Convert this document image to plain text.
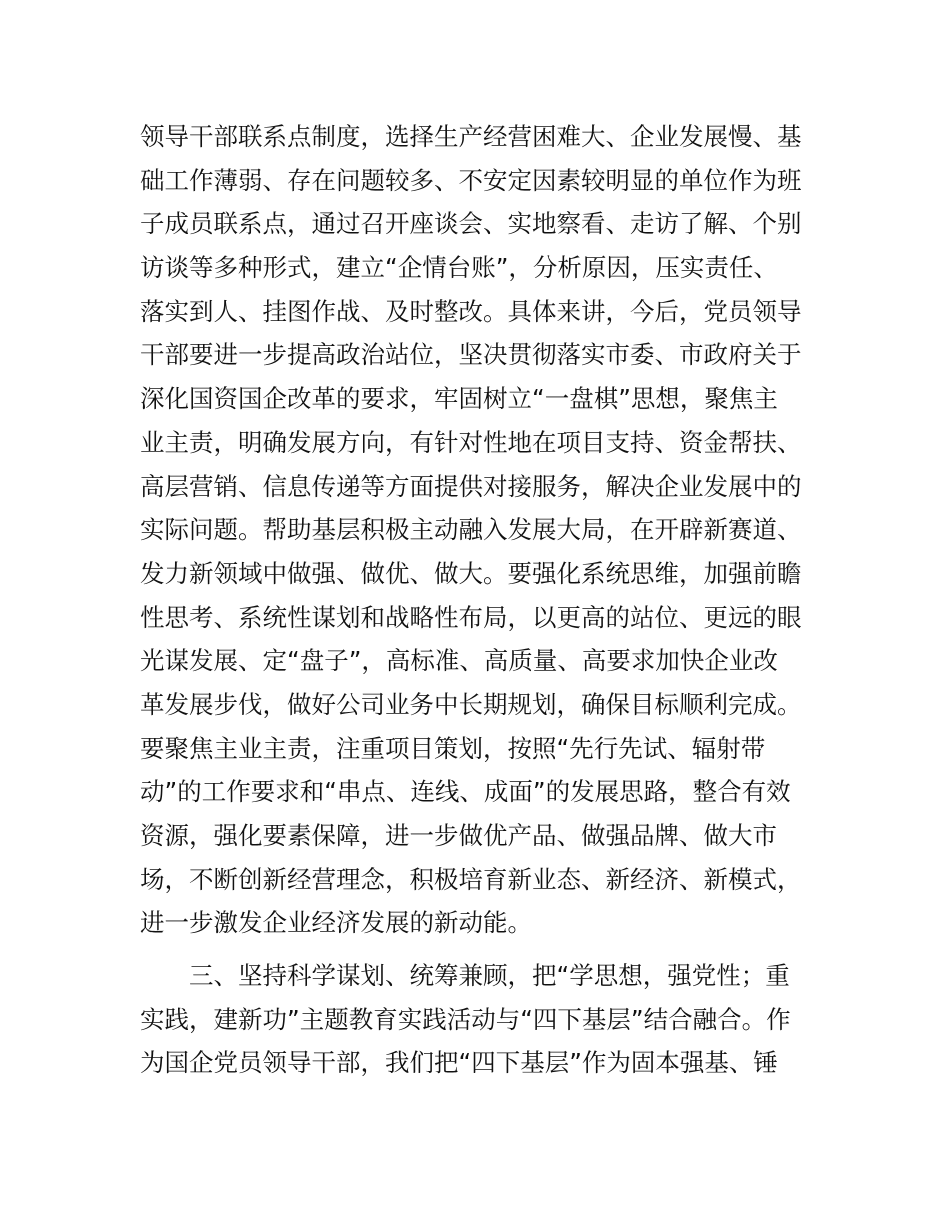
领导干部联系点制度，选择生产经营困难大、企业发展慢、基
础工作薄弱、存在问题较多、不安定因素较明显的单位作为班
子成员联系点，通过召开座谈会、实地察看、走访了解、个别
访谈等多种形式，建立“企情台账”，分析原因，压实责任、
落实到人、挂图作战、及时整改。具体来讲，今后，党员领导
干部要进一步提高政治站位，坚决贯彻落实市委、市政府关于
深化国资国企改革的要求，牢固树立“一盘棋”思想，聚焦主
业主责，明确发展方向，有针对性地在项目支持、资金帮扶、
高层营销、信息传递等方面提供对接服务，解决企业发展中的
实际问题。帮助基层积极主动融入发展大局，在开辟新赛道、
发力新领域中做强、做优、做大。要强化系统思维，加强前瞻
性思考、系统性谋划和战略性布局，以更高的站位、更远的眼
光谋发展、定“盘子”，高标准、高质量、高要求加快企业改
革发展步伐，做好公司业务中长期规划，确保目标顺利完成。
要聚焦主业主责，注重项目策划，按照“先行先试、辐射带
动”的工作要求和“串点、连线、成面”的发展思路，整合有效
资源，强化要素保障，进一步做优产品、做强品牌、做大市
场，不断创新经营理念，积极培育新业态、新经济、新模式，
进一步激发企业经济发展的新动能。
三、坚持科学谋划、统筹兼顾，把“学思想，强党性；重
实践，建新功”主题教育实践活动与“四下基层”结合融合。作
为国企党员领导干部，我们把“四下基层”作为固本强基、锤
